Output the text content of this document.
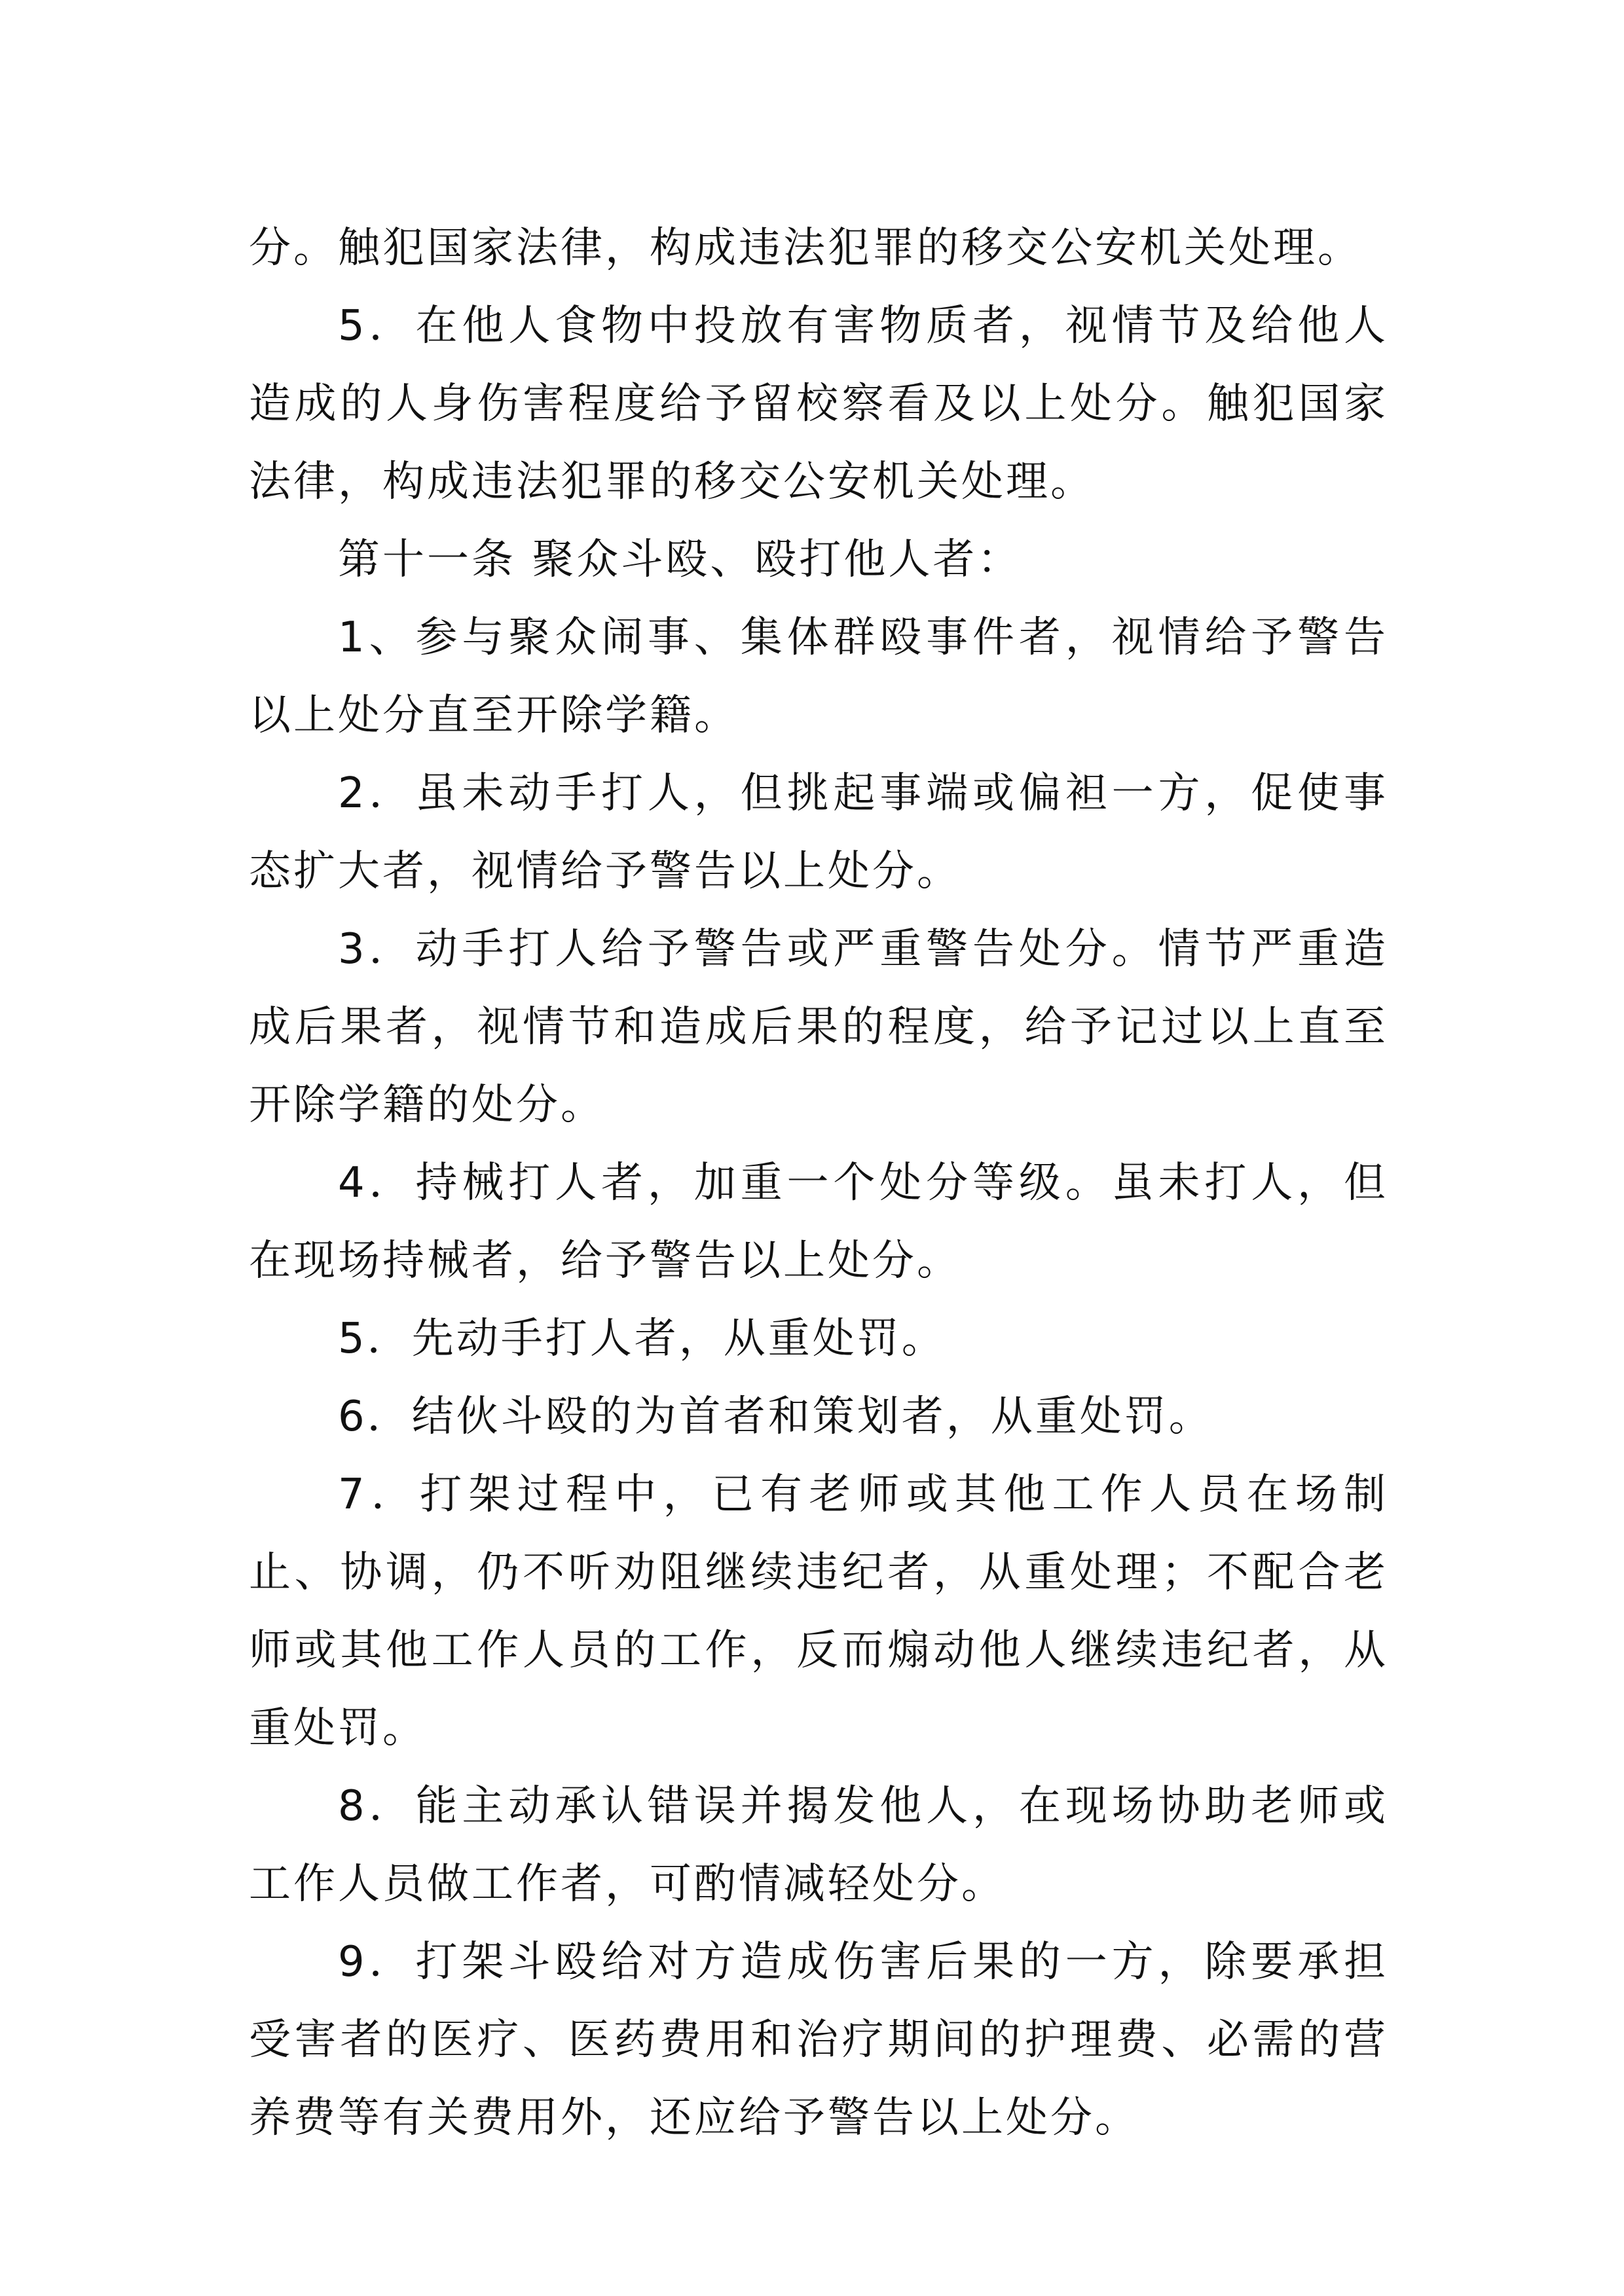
分。触犯国家法律，构成违法犯罪的移交公安机关处理。

5．在他人食物中投放有害物质者，视情节及给他人造成的人身伤害程度给予留校察看及以上处分。触犯国家法律，构成违法犯罪的移交公安机关处理。

第十一条 聚众斗殴、殴打他人者：

1、参与聚众闹事、集体群殴事件者，视情给予警告以上处分直至开除学籍。

2．虽未动手打人，但挑起事端或偏袒一方，促使事态扩大者，视情给予警告以上处分。

3．动手打人给予警告或严重警告处分。情节严重造成后果者，视情节和造成后果的程度，给予记过以上直至开除学籍的处分。

4．持械打人者，加重一个处分等级。虽未打人，但在现场持械者，给予警告以上处分。

5．先动手打人者，从重处罚。

6．结伙斗殴的为首者和策划者，从重处罚。

7．打架过程中，已有老师或其他工作人员在场制止、协调，仍不听劝阻继续违纪者，从重处理；不配合老师或其他工作人员的工作，反而煽动他人继续违纪者，从重处罚。

8．能主动承认错误并揭发他人，在现场协助老师或工作人员做工作者，可酌情减轻处分。

9．打架斗殴给对方造成伤害后果的一方，除要承担受害者的医疗、医药费用和治疗期间的护理费、必需的营养费等有关费用外，还应给予警告以上处分。
